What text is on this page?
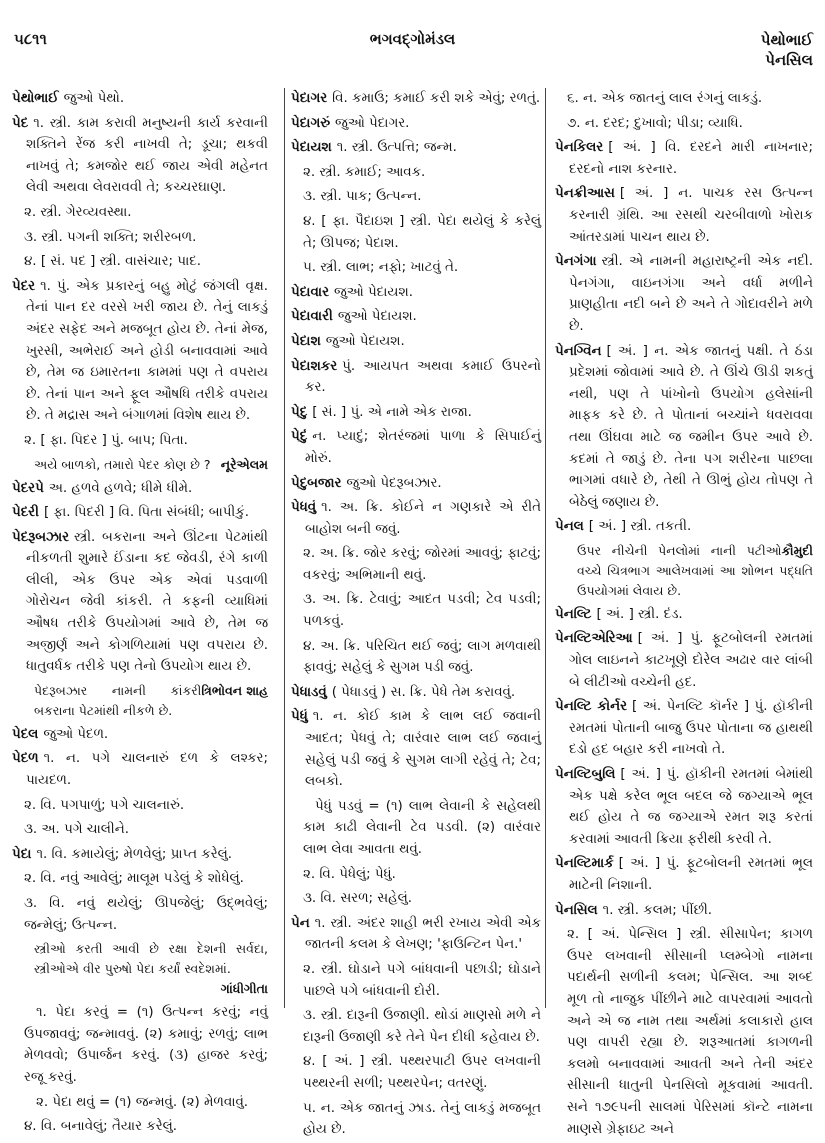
૫૮૧૧	ભગવદ્ગોમંડલ	પેથોભાઈ
પેનસિલ
પેથોભાઈ જુઓ પેથો.
પેદ ૧. સ્ત્રી. કામ કરાવી મનુષ્યની કાર્ય કરવાની શક્તિને રેંજ કરી નાખવી તે; ડૂચા; થકવી નાખવું તે; કમજોર થઈ જાય એવી મહેનત લેવી અથવા લેવરાવવી તે; કચ્ચરઘાણ.
૨. સ્ત્રી. ગેરવ્યવસ્થા.
૩. સ્ત્રી. પગની શક્તિ; શરીરબળ.
૪. [ સં. પદ ] સ્ત્રી. વાસંચાર; પાદ.
પેદર ૧. પું. એક પ્રકારનું બહુ મોટું જંગલી વૃક્ષ. તેનાં પાન દર વરસે ખરી જાય છે. તેનું લાકડું અંદર સફેદ અને મજબૂત હોય છે. તેનાં મેજ, ખુરસી, અભેરાઈ અને હોડી બનાવવામાં આવે છે, તેમ જ ઇમારતના કામમાં પણ તે વપરાય છે. તેનાં પાન અને ફૂલ ઔષધિ તરીકે વપરાય છે. તે મદ્રાસ અને બંગાળમાં વિશેષ થાય છે.
૨. [ ફા. પિદર ] પું. બાપ; પિતા.
નૂરેએલમ
અયે બાળકો, તમારો પેદર કોણ છે ?
પેદરપે અ. હળવે હળવે; ધીમે ધીમે.
પેદરી [ ફા. પિદરી ] વિ. પિતા સંબંધી; બાપીકું.
પેદરૂબઝાર સ્ત્રી. બકરાના અને ઊંટના પેટમાંથી નીકળતી શુમારે ઈંડાના કદ જેવડી, રંગે કાળી લીલી, એક ઉપર એક એવાં પડવાળી ગોરોચન જેવી કાંકરી. તે કફની વ્યાધિમાં ઔષધ તરીકે ઉપયોગમાં આવે છે, તેમ જ અજીર્ણ અને કોગળિયામાં પણ વપરાય છે. ધાતુવર્ધક તરીકે પણ તેનો ઉપયોગ થાય છે.
ત્રિભોવન શાહ
પેદરૂબઝાર નામની કાંકરી બકરાના પેટમાંથી નીકળે છે.
પેદલ જુઓ પેદળ.
પેદળ ૧. ન. પગે ચાલનારું દળ કે લશ્કર; પાયદળ.
૨. વિ. પગપાળું; પગે ચાલનારું.
૩. અ. પગે ચાલીને.
પેદા ૧. વિ. કમાયેલું; મેળવેલું; પ્રાપ્ત કરેલું.
૨. વિ. નવું આવેલું; માલૂમ પડેલું કે શોધેલું.
૩. વિ. નવું થયેલું; ઊપજેલું; ઉદ્ભવેલું; જન્મેલું; ઉત્પન્ન.
સ્ત્રીઓ કરતી આવી છે રક્ષા દેશની સર્વદા, સ્ત્રીઓએ વીર પુરુષો પેદા કર્યાં સ્વદેશમાં.
ગાંધીગીતા
૧. પેદા કરવું = (૧) ઉત્પન્ન કરવું; નવું ઉપજાવવું; જન્માવવું. (૨) કમાવું; રળવું; લાભ મેળવવો; ઉપાર્જન કરવું. (૩) હાજર કરવું; રજૂ કરવું.
૨. પેદા થવું = (૧) જન્મવું. (૨) મેળવાવું.
૪. વિ. બનાવેલું; તૈયાર કરેલું.
પેદાગર વિ. કમાઉ; કમાઈ કરી શકે એવું; રળતું.
પેદાગરું જુઓ પેદાગર.
પેદાયશ ૧. સ્ત્રી. ઉત્પત્તિ; જન્મ.
૨. સ્ત્રી. કમાઈ; આવક.
૩. સ્ત્રી. પાક; ઉત્પન્ન.
૪. [ ફા. પૈદાઇશ ] સ્ત્રી. પેદા થયેલું કે કરેલું તે; ઊપજ; પેદાશ.
૫. સ્ત્રી. લાભ; નફો; ખાટવું તે.
પેદાવાર જુઓ પેદાયશ.
પેદાવારી જુઓ પેદાયશ.
પેદાશ જુઓ પેદાયશ.
પેદાશકર પું. આયપત અથવા કમાઈ ઉપરનો કર.
પેદુ [ સં. ] પું. એ નામે એક રાજા.
પેદું ન. પ્યાદું; શેતરંજમાં પાળા કે સિપાઈનું મોરું.
પેદુબજાર જુઓ પેદરૂબઝાર.
પેધવું ૧. અ. ક્રિ. કોઈને ન ગણકારે એ રીતે બાહોશ બની જવું.
૨. અ. ક્રિ. જોર કરવું; જોરમાં આવવું; ફાટવું; વકરવું; અભિમાની થવું.
૩. અ. ક્રિ. ટેવાવું; આદત પડવી; ટેવ પડવી; પળકવું.
૪. અ. ક્રિ. પરિચિત થઈ જવું; લાગ મળવાથી ફાવવું; સહેલું કે સુગમ પડી જવું.
પેધાડવું ( પેધાડવું ) સ. ક્રિ. પેધે તેમ કરાવવું.
પેધું ૧. ન. કોઈ કામ કે લાભ લઈ જવાની આદત; પેધવું તે; વારંવાર લાભ લઈ જવાનું સહેલું પડી જવું કે સુગમ લાગી રહેવું તે; ટેવ; લબકો.
પેધું પડવું = (૧) લાભ લેવાની કે સહેલથી કામ કાઢી લેવાની ટેવ પડવી. (૨) વારંવાર લાભ લેવા આવતા થવું.
૨. વિ. પેધેલું; પેધું.
૩. વિ. સરળ; સહેલું.
પેન ૧. સ્ત્રી. અંદર શાહી ભરી રખાય એવી એક જાતની કલમ કે લેખણ; 'ફાઉન્ટિન પેન.'
૨. સ્ત્રી. ઘોડાને પગે બાંધવાની પછાડી; ઘોડાને પાછલે પગે બાંધવાની દોરી.
૩. સ્ત્રી. દારૂની ઉજાણી. થોડાં માણસો મળે ને દારૂની ઉજાણી કરે તેને પેન દીધી કહેવાય છે.
૪. [ અં. ] સ્ત્રી. પથ્થરપાટી ઉપર લખવાની પથ્થરની સળી; પથ્થરપેન; વતરણું.
૫. ન. એક જાતનું ઝાડ. તેનું લાકડું મજબૂત હોય છે.
૬. ન. એક જાતનું લાલ રંગનું લાકડું.
૭. ન. દરદ; દુખાવો; પીડા; વ્યાધિ.
પેનકિલર [ અં. ] વિ. દરદને મારી નાખનાર; દરદનો નાશ કરનાર.
પેનક્રીઆસ [ અં. ] ન. પાચક રસ ઉત્પન્ન કરનારી ગ્રંથિ. આ રસથી ચરબીવાળો ખોરાક આંતરડામાં પાચન થાય છે.
પેનગંગા સ્ત્રી. એ નામની મહારાષ્ટ્રની એક નદી. પેનગંગા, વાઇનગંગા અને વર્ધા મળીને પ્રાણહીતા નદી બને છે અને તે ગોદાવરીને મળે છે.
પેનગ્વિન [ અં. ] ન. એક જાતનું પક્ષી. તે ઠંડા પ્રદેશમાં જોવામાં આવે છે. તે ઊંચે ઊડી શકતું નથી, પણ તે પાંખોનો ઉપયોગ હલેસાંની માફક કરે છે. તે પોતાનાં બચ્ચાંને ધવરાવવા તથા ઊંઘવા માટે જ જમીન ઉપર આવે છે. કદમાં તે જાડું છે. તેના પગ શરીરના પાછલા ભાગમાં વધારે છે, તેથી તે ઊભું હોય તોપણ તે બેઠેલું જણાય છે.
પેનલ [ અં. ] સ્ત્રી. તકતી.
કૌમુદી
ઉપર નીચેની પેનલોમાં નાની પટીઓ વચ્ચે ચિત્રભાગ આલેખવામાં આ શોભન પદ્ધતિ ઉપયોગમાં લેવાય છે.
પેનલ્ટિ [ અં. ] સ્ત્રી. દંડ.
પેનલ્ટિએરિઆ [ અં. ] પું. ફૂટબોલની રમતમાં ગોલ લાઇનને કાટખૂણે દોરેલ અઢાર વાર લાંબી બે લીટીઓ વચ્ચેની હદ.
પેનલ્ટિ કોર્નર [ અં. પેનલ્ટિ કૉર્નર ] પું. હૉકીની રમતમાં પોતાની બાજુ ઉપર પોતાના જ હાથથી દડો હદ બહાર કરી નાખવો તે.
પેનલ્ટિબુલિ [ અં. ] પું. હૉકીની રમતમાં બેમાંથી એક પક્ષે કરેલ ભૂલ બદલ જે જગ્યાએ ભૂલ થઈ હોય તે જ જગ્યાએ રમત શરૂ કરતાં કરવામાં આવતી ક્રિયા ફરીથી કરવી તે.
પેનલ્ટિમાર્ક [ અં. ] પું. ફૂટબોલની રમતમાં ભૂલ માટેની નિશાની.
પેનસિલ ૧. સ્ત્રી. કલમ; પીંછી.
૨. [ અં. પેન્સિલ ] સ્ત્રી. સીસાપેન; કાગળ ઉપર લખવાની સીસાની પ્લમ્બેગો નામના પદાર્થની સળીની કલમ; પેન્સિલ. આ શબ્દ મૂળ તો નાજુક પીંછીને માટે વાપરવામાં આવતો અને એ જ નામ તથા અર્થમાં કલાકારો હાલ પણ વાપરી રહ્યા છે. શરૂઆતમાં કાગળની કલમો બનાવવામાં આવતી અને તેની અંદર સીસાની ધાતુની પેનસિલો મૂકવામાં આવતી. સને ૧૭૯૫ની સાલમાં પેરિસમાં કૉન્ટે નામના માણસે ગ્રેફાઇટ અને
